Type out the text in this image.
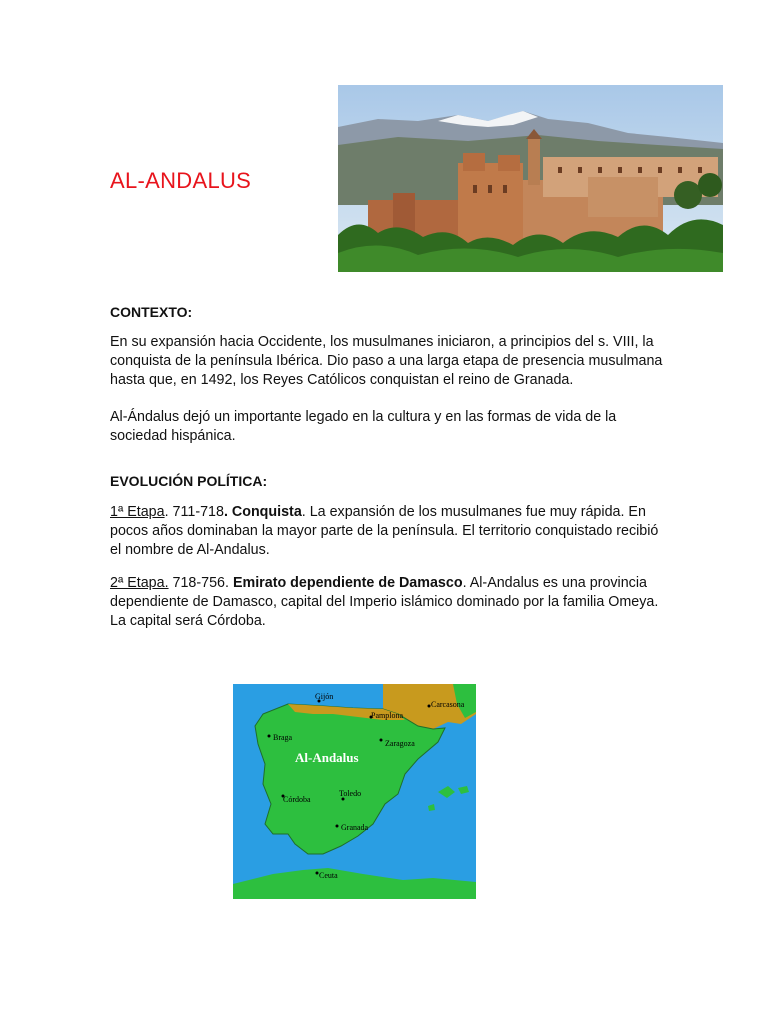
AL-ANDALUS
CONTEXTO:
En su expansión hacia Occidente, los musulmanes iniciaron, a principios del s. VIII, la conquista de la península Ibérica. Dio paso a una larga etapa de presencia musulmana hasta que, en 1492, los Reyes Católicos conquistan el reino de Granada.
Al-Ándalus dejó un importante legado en la cultura y en las formas de vida de la sociedad hispánica.
EVOLUCIÓN POLÍTICA:
1ª Etapa. 711-718. Conquista. La expansión de los musulmanes fue muy rápida. En pocos años dominaban la mayor parte de la península. El territorio conquistado recibió el nombre de Al-Andalus.
2ª Etapa. 718-756. Emirato dependiente de Damasco. Al-Andalus es una provincia dependiente de Damasco, capital del Imperio islámico dominado por la familia Omeya. La capital será Córdoba.
Al-Andalus
Gijón
Pamplona
Carcasona
Braga
Zaragoza
Córdoba
Toledo
Granada
Ceuta
